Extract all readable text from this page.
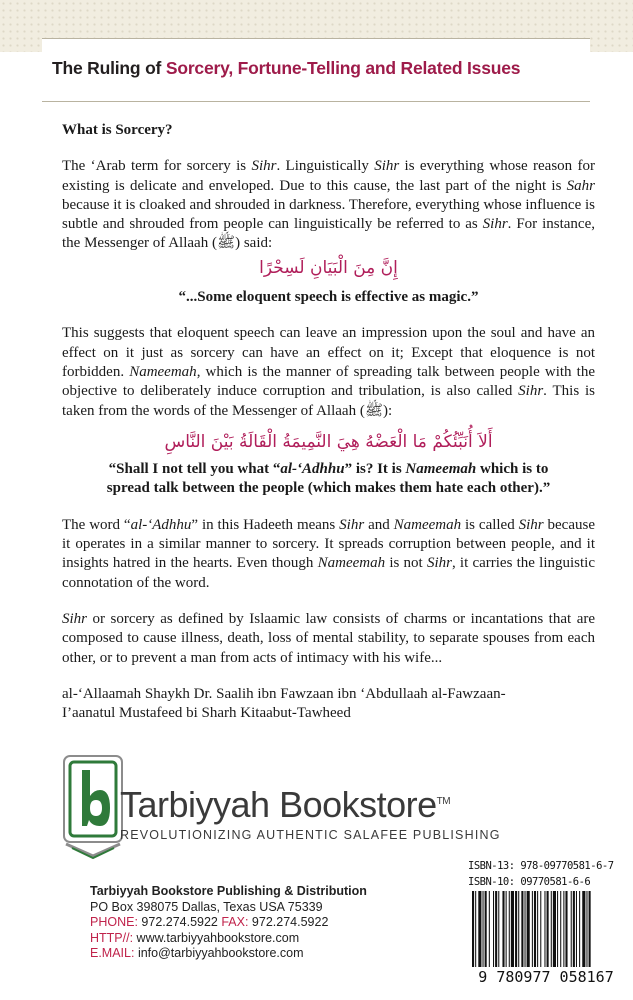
The Ruling of Sorcery, Fortune-Telling and Related Issues

What is Sorcery?

The ‘Arab term for sorcery is Sihr. Linguistically Sihr is everything whose reason for existing is delicate and enveloped. Due to this cause, the last part of the night is Sahr because it is cloaked and shrouded in darkness. Therefore, everything whose influence is subtle and shrouded from people can linguistically be referred to as Sihr. For instance, the Messenger of Allaah (ﷺ) said:

إِنَّ مِنَ الْبَيَانِ لَسِحْرًا

“...Some eloquent speech is effective as magic.”

This suggests that eloquent speech can leave an impression upon the soul and have an effect on it just as sorcery can have an effect on it; Except that eloquence is not forbidden. Nameemah, which is the manner of spreading talk between people with the objective to deliberately induce corruption and tribulation, is also called Sihr. This is taken from the words of the Messenger of Allaah (ﷺ):

أَلاَ أُنَبِّئُكُمْ مَا الْعَضْهُ هِيَ النَّمِيمَةُ الْقَالَةُ بَيْنَ النَّاسِ

“Shall I not tell you what “al-‘Adhhu” is? It is Nameemah which is to spread talk between the people (which makes them hate each other).”

The word “al-‘Adhhu” in this Hadeeth means Sihr and Nameemah is called Sihr because it operates in a similar manner to sorcery. It spreads corruption between people, and it insights hatred in the hearts. Even though Nameemah is not Sihr, it carries the linguistic connotation of the word.

Sihr or sorcery as defined by Islaamic law consists of charms or incantations that are composed to cause illness, death, loss of mental stability, to separate spouses from each other, or to prevent a man from acts of intimacy with his wife...

al-‘Allaamah Shaykh Dr. Saalih ibn Fawzaan ibn ‘Abdullaah al-Fawzaan-

I’aanatul Mustafeed bi Sharh Kitaabut-Tawheed

Tarbiyyah Bookstore™
REVOLUTIONIZING AUTHENTIC SALAFEE PUBLISHING
Tarbiyyah Bookstore Publishing & Distribution
PO Box 398075 Dallas, Texas USA 75339
PHONE: 972.274.5922 FAX: 972.274.5922
HTTP//: www.tarbiyyahbookstore.com
E.MAIL: info@tarbiyyahbookstore.com
ISBN-13: 978-09770581-6-7
ISBN-10: 09770581-6-6
9 780977 058167
